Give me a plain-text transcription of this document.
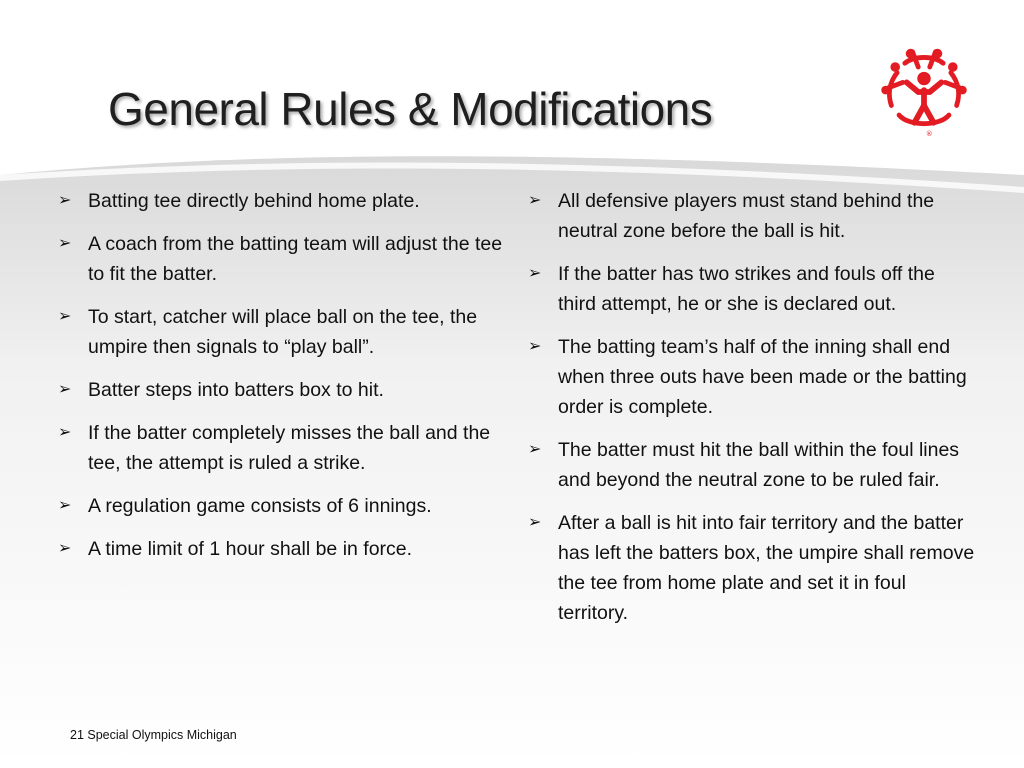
General Rules & Modifications	®
➢ Batting tee directly behind home plate.
➢ A coach from the batting team will adjust the tee to fit the batter.
➢ To start, catcher will place ball on the tee, the umpire then signals to “play ball”.
➢ Batter steps into batters box to hit.
➢ If the batter completely misses the ball and the tee, the attempt is ruled a strike.
➢ A regulation game consists of 6 innings.
➢ A time limit of 1 hour shall be in force.
➢ All defensive players must stand behind the neutral zone before the ball is hit.
➢ If the batter has two strikes and fouls off the third attempt, he or she is declared out.
➢ The batting team’s half of the inning shall end when three outs have been made or the batting order is complete.
➢ The batter must hit the ball within the foul lines and beyond the neutral zone to be ruled fair.
➢ After a ball is hit into fair territory and the batter has left the batters box, the umpire shall remove the tee from home plate and set it in foul territory.
21 Special Olympics Michigan
